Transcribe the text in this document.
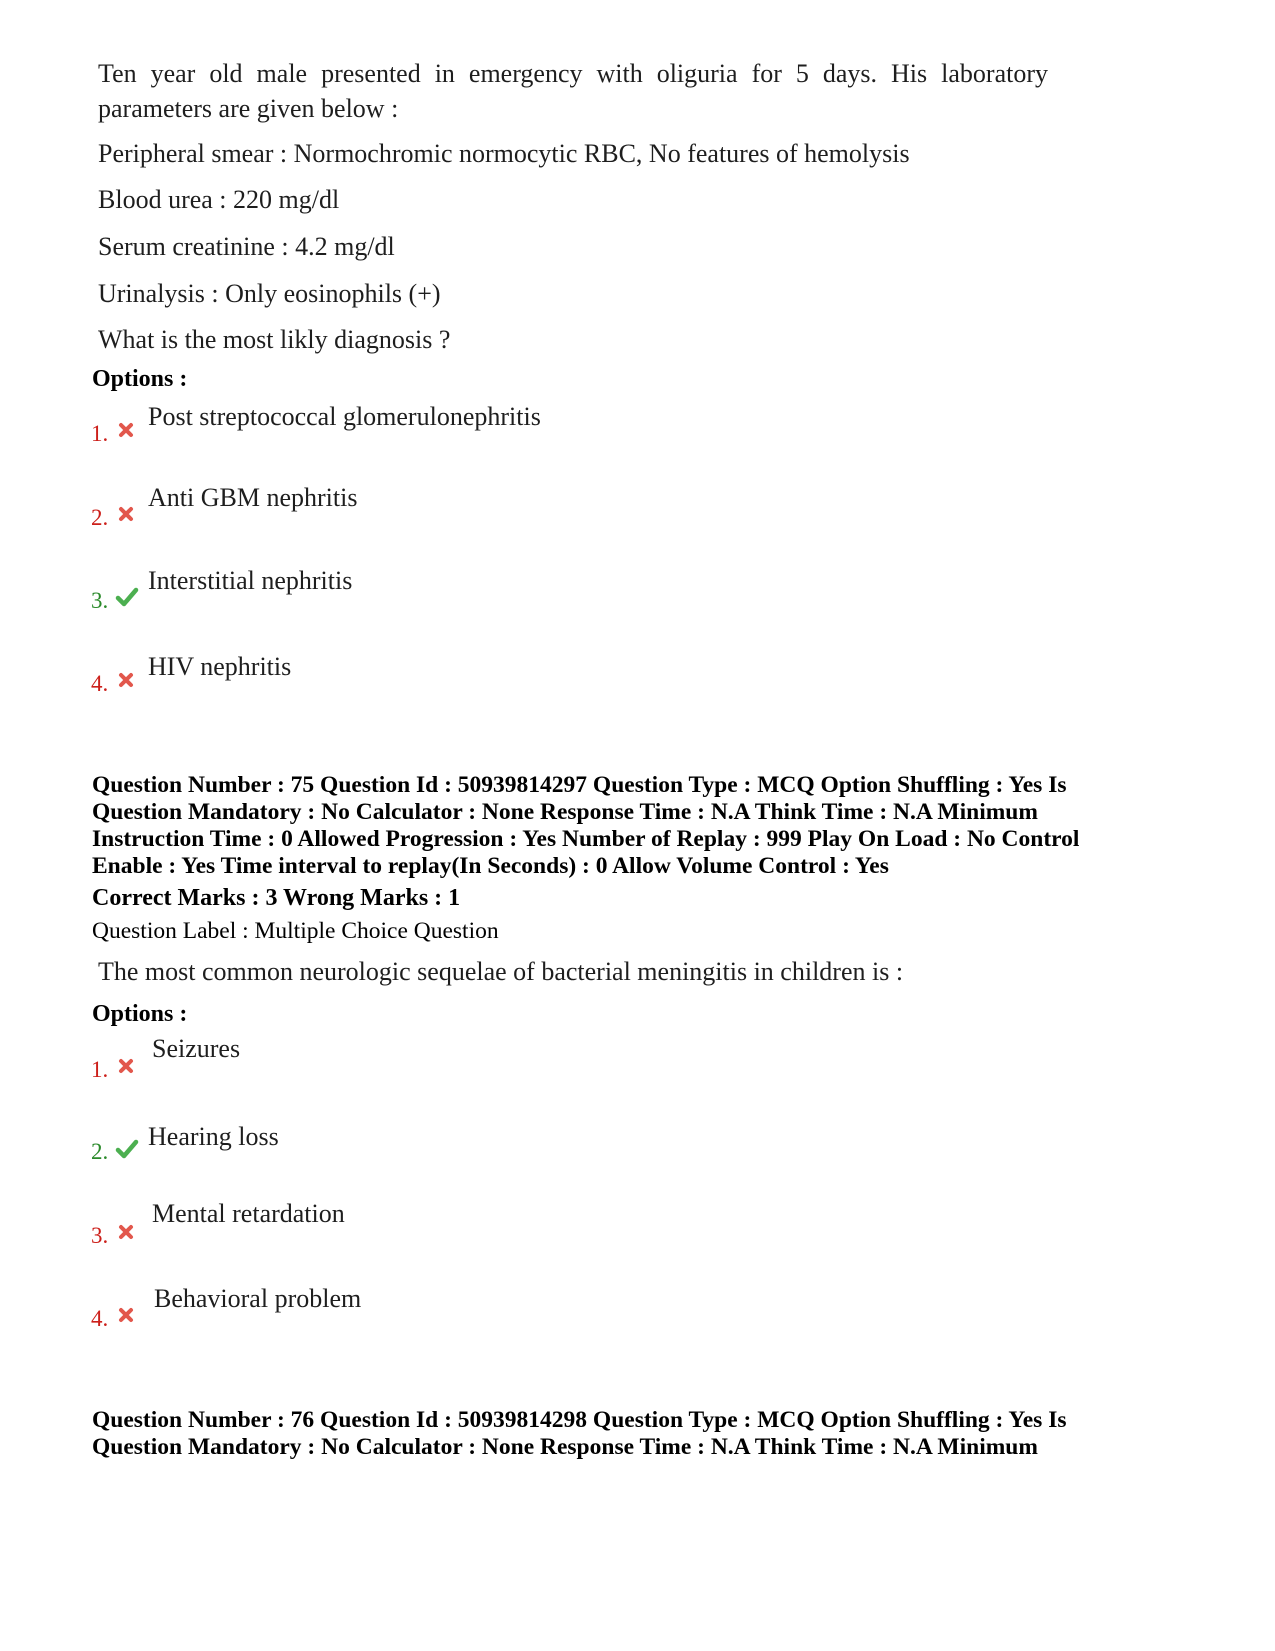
Ten year old male presented in emergency with oliguria for 5 days. His laboratory parameters are given below :
Peripheral smear : Normochromic normocytic RBC, No features of hemolysis
Blood urea : 220 mg/dl
Serum creatinine : 4.2 mg/dl
Urinalysis : Only eosinophils (+)
What is the most likly diagnosis ?
Options :
1.
Post streptococcal glomerulonephritis
2.
Anti GBM nephritis
3.
Interstitial nephritis
4.
HIV nephritis
Question Number : 75 Question Id : 50939814297 Question Type : MCQ Option Shuffling : Yes Is Question Mandatory : No Calculator : None Response Time : N.A Think Time : N.A Minimum Instruction Time : 0 Allowed Progression : Yes Number of Replay : 999 Play On Load : No Control Enable : Yes Time interval to replay(In Seconds) : 0 Allow Volume Control : Yes
Correct Marks : 3 Wrong Marks : 1
Question Label : Multiple Choice Question
The most common neurologic sequelae of bacterial meningitis in children is :
Options :
1.
Seizures
2.
Hearing loss
3.
Mental retardation
4.
Behavioral problem
Question Number : 76 Question Id : 50939814298 Question Type : MCQ Option Shuffling : Yes Is Question Mandatory : No Calculator : None Response Time : N.A Think Time : N.A Minimum
